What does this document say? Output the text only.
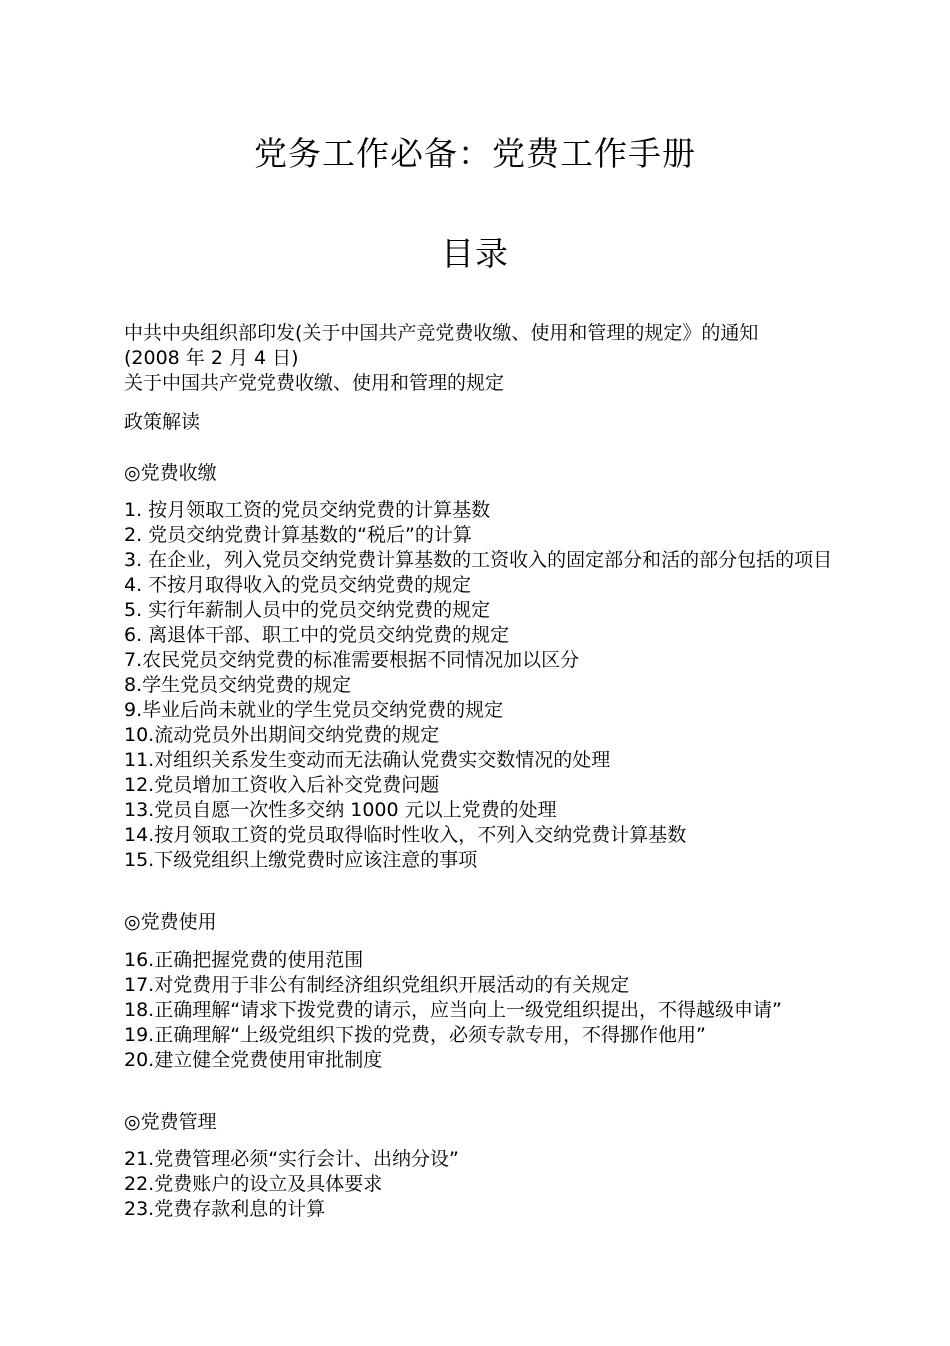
党务工作必备：党费工作手册
目录
中共中央组织部印发(关于中国共产竞党费收缴、使用和管理的规定》的通知
(2008 年 2 月 4 日)
关于中国共产党党费收缴、使用和管理的规定
政策解读
◎党费收缴
1. 按月领取工资的党员交纳党费的计算基数
2. 党员交纳党费计算基数的“税后”的计算
3. 在企业，列入党员交纳党费计算基数的工资收入的固定部分和活的部分包括的项目
4. 不按月取得收入的党员交纳党费的规定
5. 实行年薪制人员中的党员交纳党费的规定
6. 离退体干部、职工中的党员交纳党费的规定
7.农民党员交纳党费的标准需要根据不同情况加以区分
8.学生党员交纳党费的规定
9.毕业后尚未就业的学生党员交纳党费的规定
10.流动党员外出期间交纳党费的规定
11.对组织关系发生变动而无法确认党费实交数情况的处理
12.党员增加工资收入后补交党费问题
13.党员自愿一次性多交纳 1000 元以上党费的处理
14.按月领取工资的党员取得临时性收入，不列入交纳党费计算基数
15.下级党组织上缴党费时应该注意的事项
◎党费使用
16.正确把握党费的使用范围
17.对党费用于非公有制经济组织党组织开展活动的有关规定
18.正确理解“请求下拨党费的请示，应当向上一级党组织提出，不得越级申请”
19.正确理解“上级党组织下拨的党费，必须专款专用，不得挪作他用”
20.建立健全党费使用审批制度
◎党费管理
21.党费管理必须“实行会计、出纳分设”
22.党费账户的设立及具体要求
23.党费存款利息的计算
